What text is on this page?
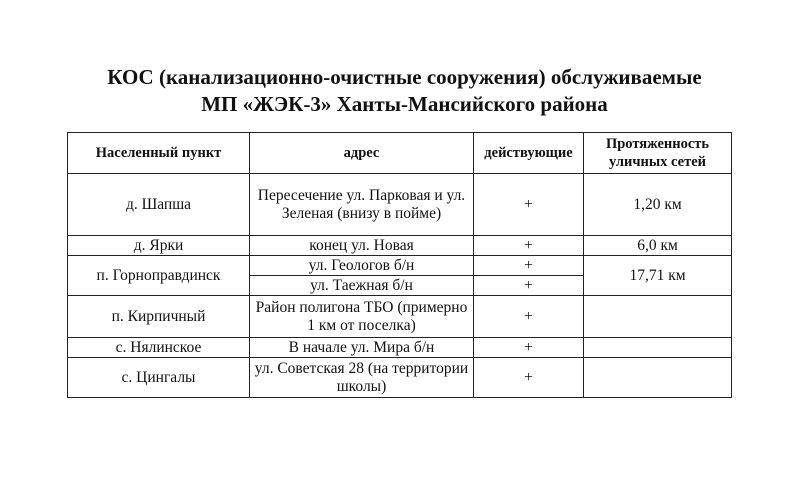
КОС (канализационно-очистные сооружения) обслуживаемые
МП «ЖЭК-3» Ханты-Мансийского района
Населенный пункт	адрес	действующие	Протяженность
уличных сетей

д. Шапша	Пересечение ул. Парковая и ул. Зеленая (внизу в пойме)	+	1,20 км
д. Ярки	конец ул. Новая	+	6,0 км
п. Горноправдинск	ул. Геологов б/н	+	17,71 км
	ул. Таежная б/н	+	
п. Кирпичный	Район полигона ТБО (примерно 1 км от поселка)	+	
с. Нялинское	В начале ул. Мира б/н	+	
с. Цингалы	ул. Советская 28 (на территории школы)	+	
